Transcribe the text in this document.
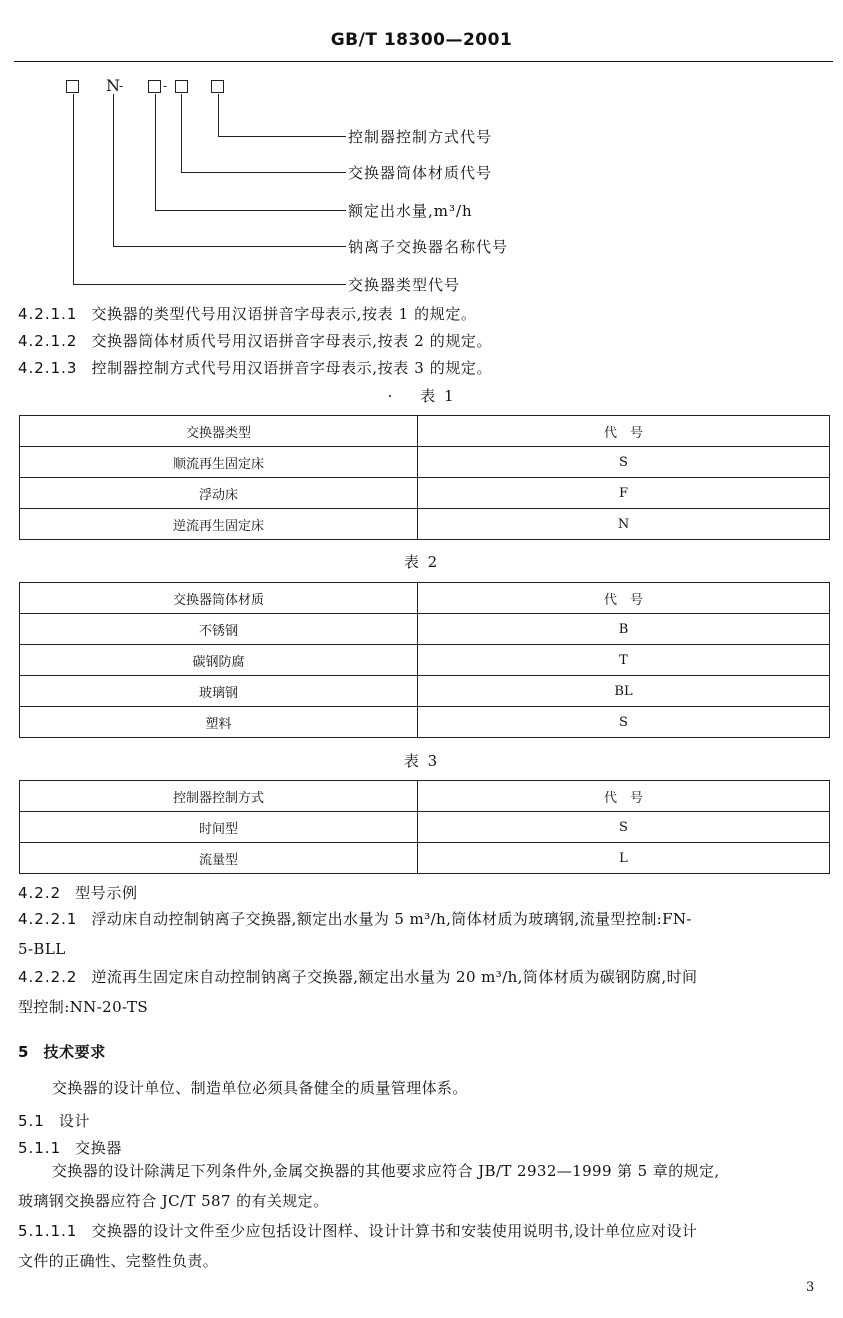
GB/T 18300—2001
N -	-
控制器控制方式代号
交换器筒体材质代号
额定出水量,m³/h
钠离子交换器名称代号
交换器类型代号
4.2.1.1 交换器的类型代号用汉语拼音字母表示,按表 1 的规定。
4.2.1.2 交换器筒体材质代号用汉语拼音字母表示,按表 2 的规定。
4.2.1.3 控制器控制方式代号用汉语拼音字母表示,按表 3 的规定。
· 表 1
交换器类型	代　号
顺流再生固定床	S
浮动床	F
逆流再生固定床	N
表 2
交换器筒体材质	代　号
不锈钢	B
碳钢防腐	T
玻璃钢	BL
塑料	S
表 3
控制器控制方式	代　号
时间型	S
流量型	L
4.2.2 型号示例
4.2.2.1 浮动床自动控制钠离子交换器,额定出水量为 5 m³/h,筒体材质为玻璃钢,流量型控制:FN-
5-BLL
4.2.2.2 逆流再生固定床自动控制钠离子交换器,额定出水量为 20 m³/h,筒体材质为碳钢防腐,时间
型控制:NN-20-TS
5 技术要求
交换器的设计单位、制造单位必须具备健全的质量管理体系。
5.1 设计
5.1.1 交换器
交换器的设计除满足下列条件外,金属交换器的其他要求应符合 JB/T 2932—1999 第 5 章的规定,
玻璃钢交换器应符合 JC/T 587 的有关规定。
5.1.1.1 交换器的设计文件至少应包括设计图样、设计计算书和安装使用说明书,设计单位应对设计
文件的正确性、完整性负责。
3
